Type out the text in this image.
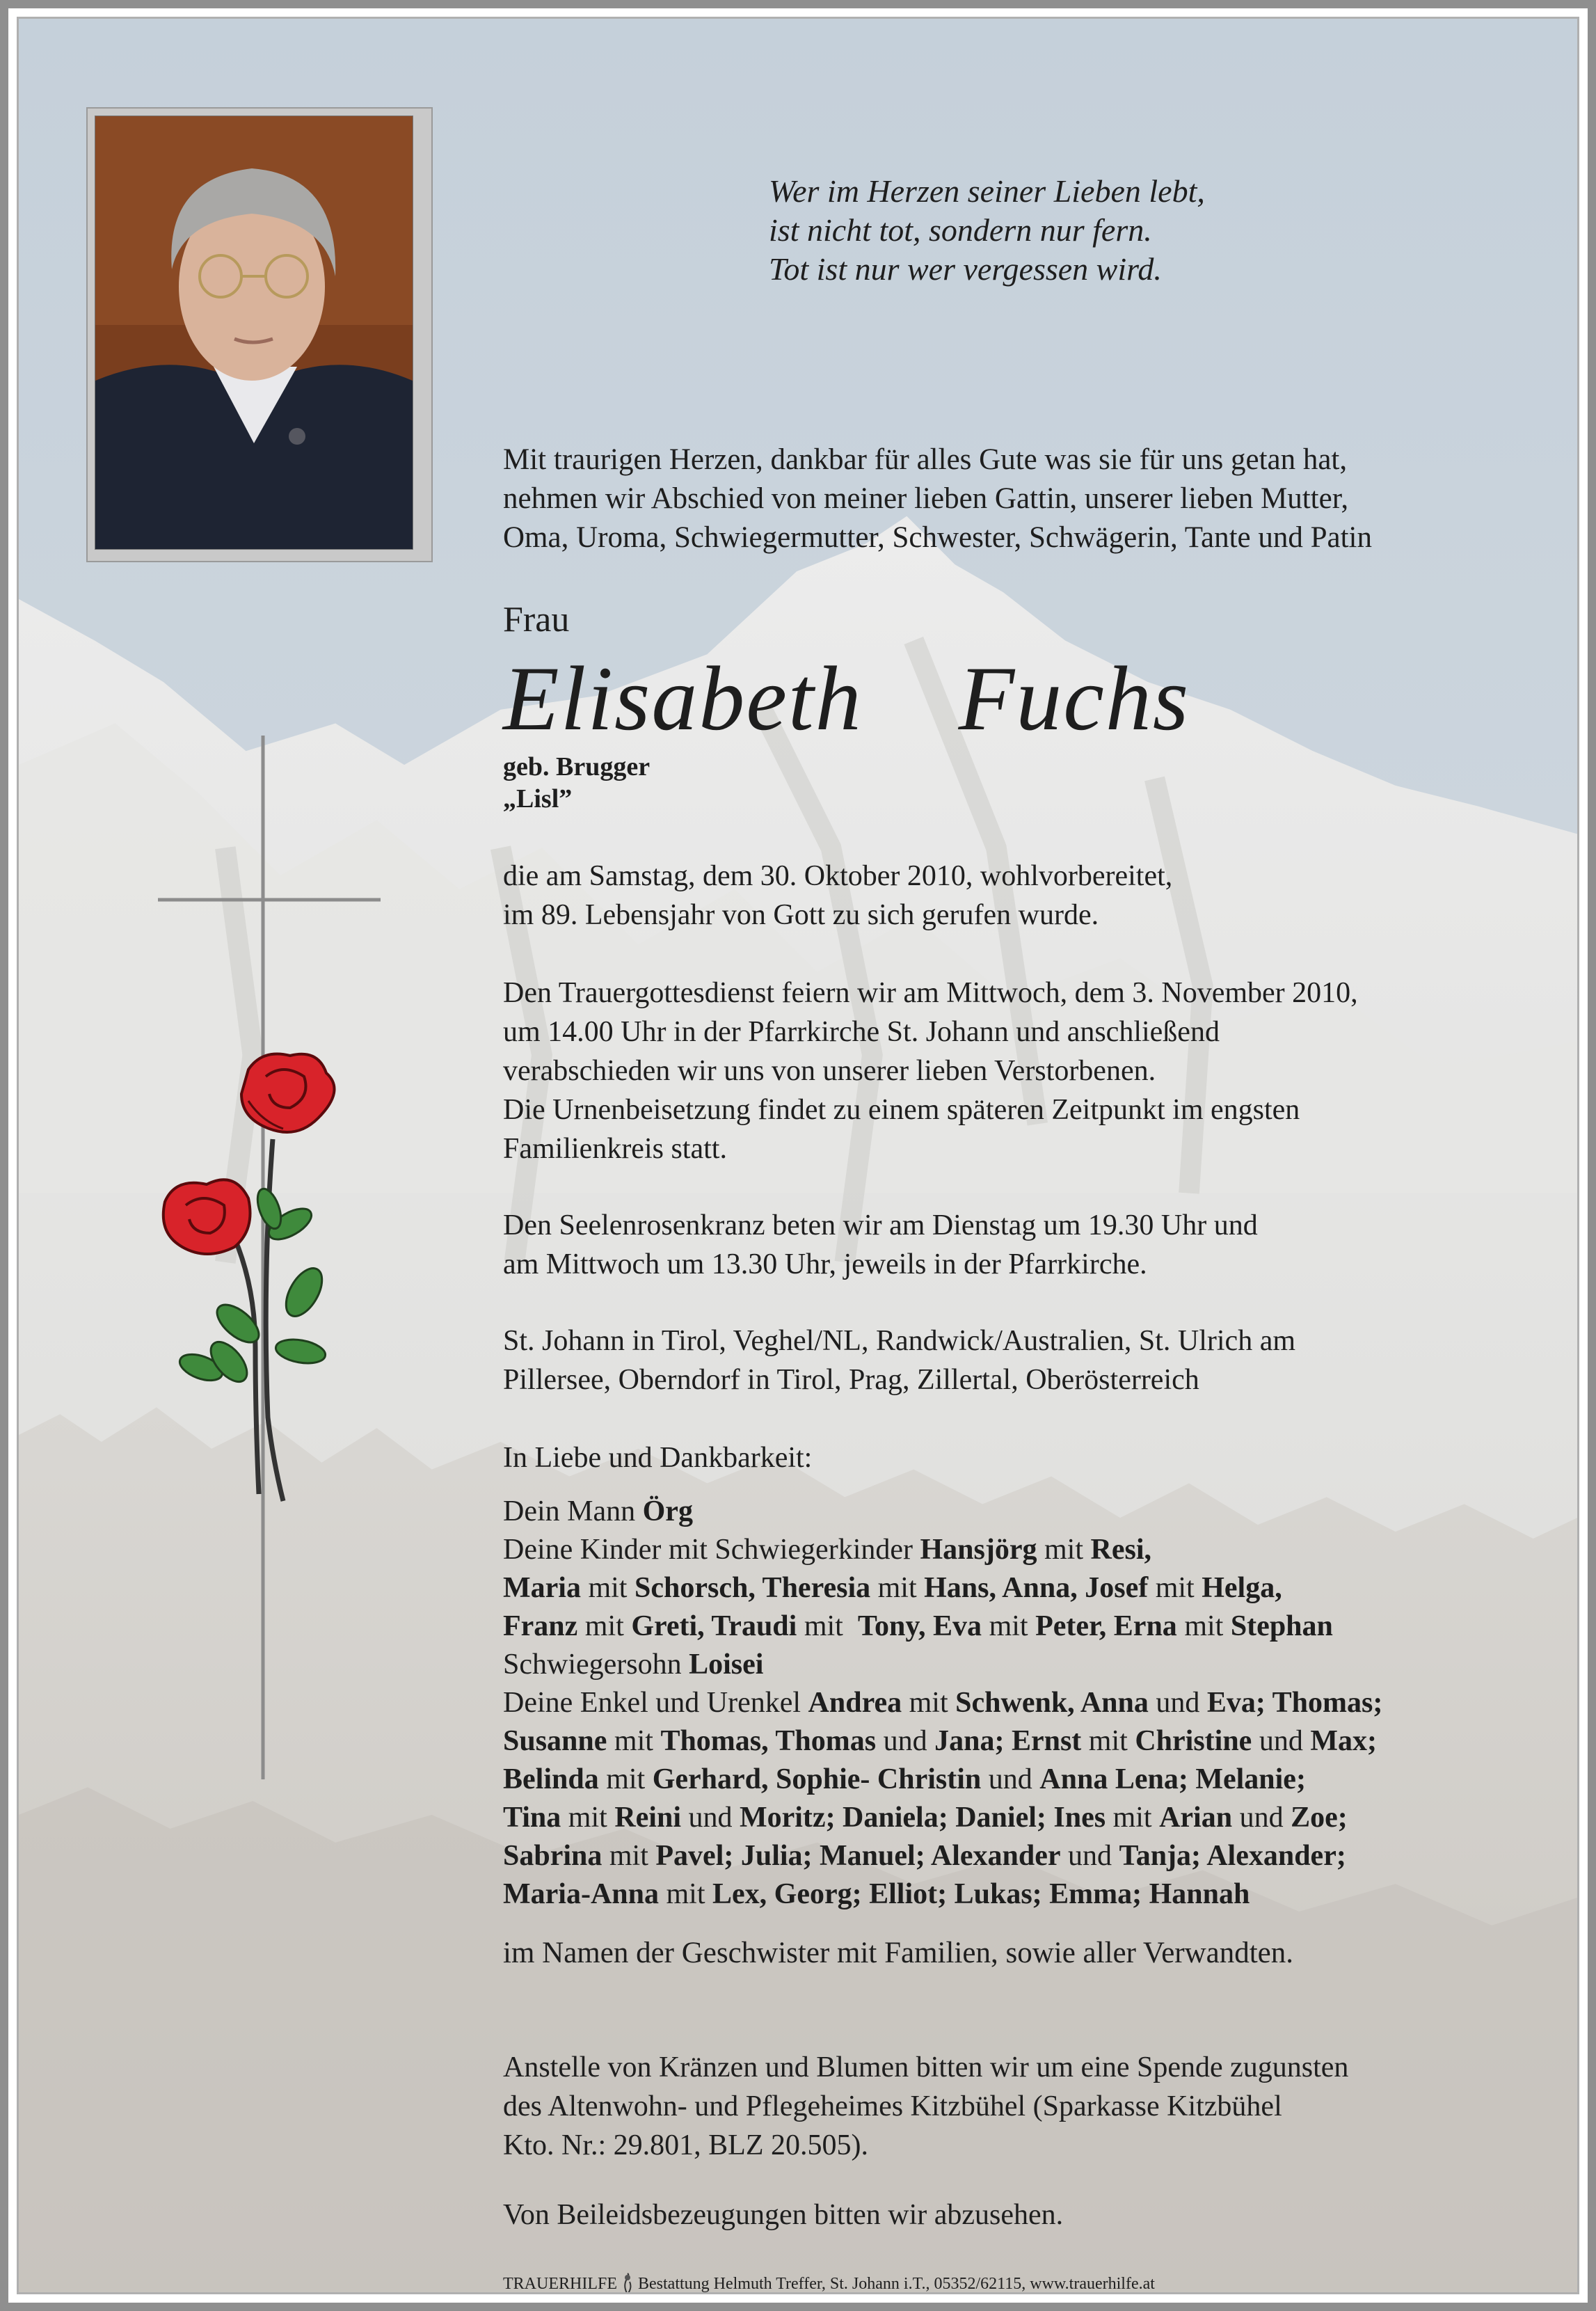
Wer im Herzen seiner Lieben lebt,
ist nicht tot, sondern nur fern.
Tot ist nur wer vergessen wird.
Mit traurigen Herzen, dankbar für alles Gute was sie für uns getan hat,
nehmen wir Abschied von meiner lieben Gattin, unserer lieben Mutter,
Oma, Uroma, Schwiegermutter, Schwester, Schwägerin, Tante und Patin
Frau
Elisabeth  Fuchs
geb. Brugger
„Lisl”
die am Samstag, dem 30. Oktober 2010, wohlvorbereitet,
im 89. Lebensjahr von Gott zu sich gerufen wurde.
Den Trauergottesdienst feiern wir am Mittwoch, dem 3. November 2010,
um 14.00 Uhr in der Pfarrkirche St. Johann und anschließend
verabschieden wir uns von unserer lieben Verstorbenen.
Die Urnenbeisetzung findet zu einem späteren Zeitpunkt im engsten
Familienkreis statt.
Den Seelenrosenkranz beten wir am Dienstag um 19.30 Uhr und
am Mittwoch um 13.30 Uhr, jeweils in der Pfarrkirche.
St. Johann in Tirol, Veghel/NL, Randwick/Australien, St. Ulrich am
Pillersee, Oberndorf in Tirol, Prag, Zillertal, Oberösterreich
In Liebe und Dankbarkeit:
Dein Mann Örg
Deine Kinder mit Schwiegerkinder Hansjörg mit Resi,
Maria mit Schorsch, Theresia mit Hans, Anna, Josef mit Helga,
Franz mit Greti, Traudi mit  Tony, Eva mit Peter, Erna mit Stephan
Schwiegersohn Loisei
Deine Enkel und Urenkel Andrea mit Schwenk, Anna und Eva; Thomas;
Susanne mit Thomas, Thomas und Jana; Ernst mit Christine und Max;
Belinda mit Gerhard, Sophie- Christin und Anna Lena; Melanie;
Tina mit Reini und Moritz; Daniela; Daniel; Ines mit Arian und Zoe;
Sabrina mit Pavel; Julia; Manuel; Alexander und Tanja; Alexander;
Maria-Anna mit Lex, Georg; Elliot; Lukas; Emma; Hannah
im Namen der Geschwister mit Familien, sowie aller Verwandten.
Anstelle von Kränzen und Blumen bitten wir um eine Spende zugunsten
des Altenwohn- und Pflegeheimes Kitzbühel (Sparkasse Kitzbühel
Kto. Nr.: 29.801, BLZ 20.505).
Von Beileidsbezeugungen bitten wir abzusehen.
TRAUERHILFE Bestattung Helmuth Treffer, St. Johann i.T., 05352/62115, www.trauerhilfe.at
